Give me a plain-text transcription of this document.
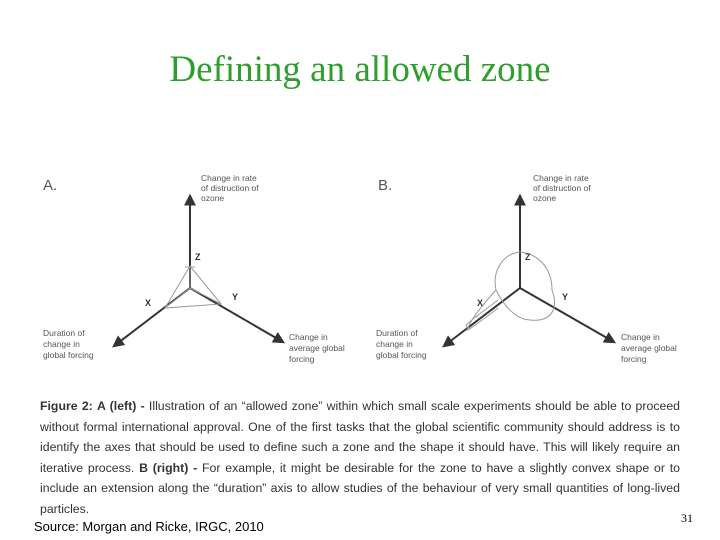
Defining an allowed zone
A.	Change in rate
of distruction of
ozone
Z
X
Y
Duration of
change in
global forcing
Change in
average global
forcing
B.	Change in rate
of distruction of
ozone
Z
X
Y
Duration of
change in
global forcing
Change in
average global
forcing
Figure 2: A (left) - Illustration of an “allowed zone” within which small scale experiments should be able to proceed without formal international approval. One of the first tasks that the global scientific community should address is to identify the axes that should be used to define such a zone and the shape it should have. This will likely require an iterative process. B (right) - For example, it might be desirable for the zone to have a slightly convex shape or to include an extension along the “duration” axis to allow studies of the behaviour of very small quantities of long-lived particles.
Source: Morgan and Ricke, IRGC, 2010
31
